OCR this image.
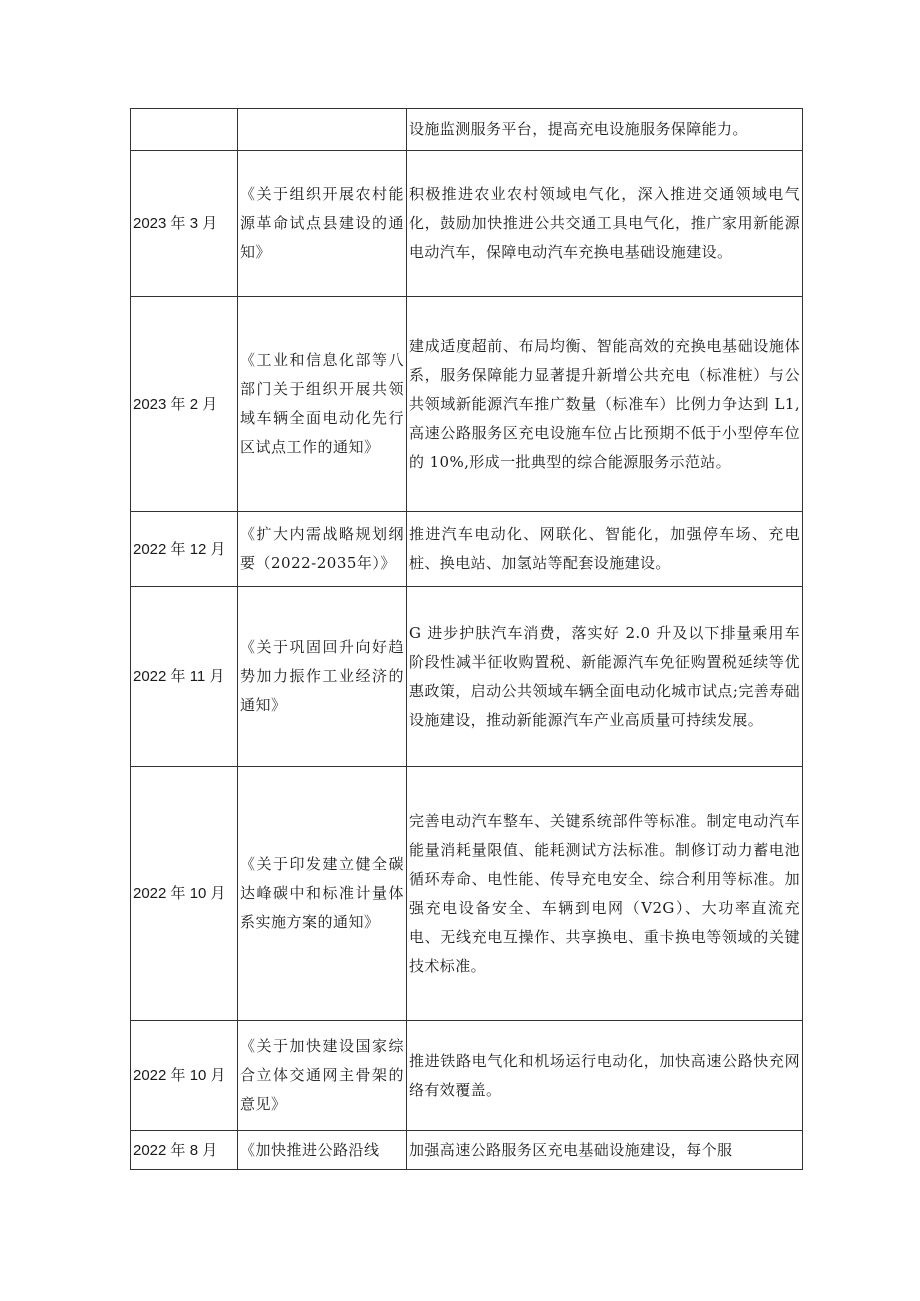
		设施监测服务平台，提高充电设施服务保障能力。
2023 年 3 月	《关于组织开展农村能源革命试点县建设的通知》	积极推进农业农村领域电气化，深入推进交通领域电气化，鼓励加快推进公共交通工具电气化，推广家用新能源电动汽车，保障电动汽车充换电基础设施建设。
2023 年 2 月	《工业和信息化部等八部门关于组织开展共领域车辆全面电动化先行区试点工作的通知》	建成适度超前、布局均衡、智能高效的充换电基础设施体系，服务保障能力显著提升新增公共充电（标准桩）与公共领域新能源汽车推广数量（标准车）比例力争达到 L1,高速公路服务区充电设施车位占比预期不低于小型停车位的 10%,形成一批典型的综合能源服务示范站。
2022 年 12 月	《扩大内需战略规划纲要（2022-2035年）》	推进汽车电动化、网联化、智能化，加强停车场、充电桩、换电站、加氢站等配套设施建设。
2022 年 11 月	《关于巩固回升向好趋势加力振作工业经济的通知》	G 进步护肤汽车消费，落实好 2.0 升及以下排量乘用车阶段性减半征收购置税、新能源汽车免征购置税延续等优惠政策，启动公共领域车辆全面电动化城市试点;完善寿础设施建设，推动新能源汽车产业高质量可持续发展。
2022 年 10 月	《关于印发建立健全碳达峰碳中和标准计量体系实施方案的通知》	完善电动汽车整车、关键系统部件等标准。制定电动汽车能量消耗量限值、能耗测试方法标准。制修订动力蓄电池循环寿命、电性能、传导充电安全、综合利用等标准。加强充电设备安全、车辆到电网（V2G）、大功率直流充电、无线充电互操作、共享换电、重卡换电等领域的关键技术标准。
2022 年 10 月	《关于加快建设国家综合立体交通网主骨架的意见》	推进铁路电气化和机场运行电动化，加快高速公路快充网络有效覆盖。
2022 年 8 月	《加快推进公路沿线	加强高速公路服务区充电基础设施建设，每个服
